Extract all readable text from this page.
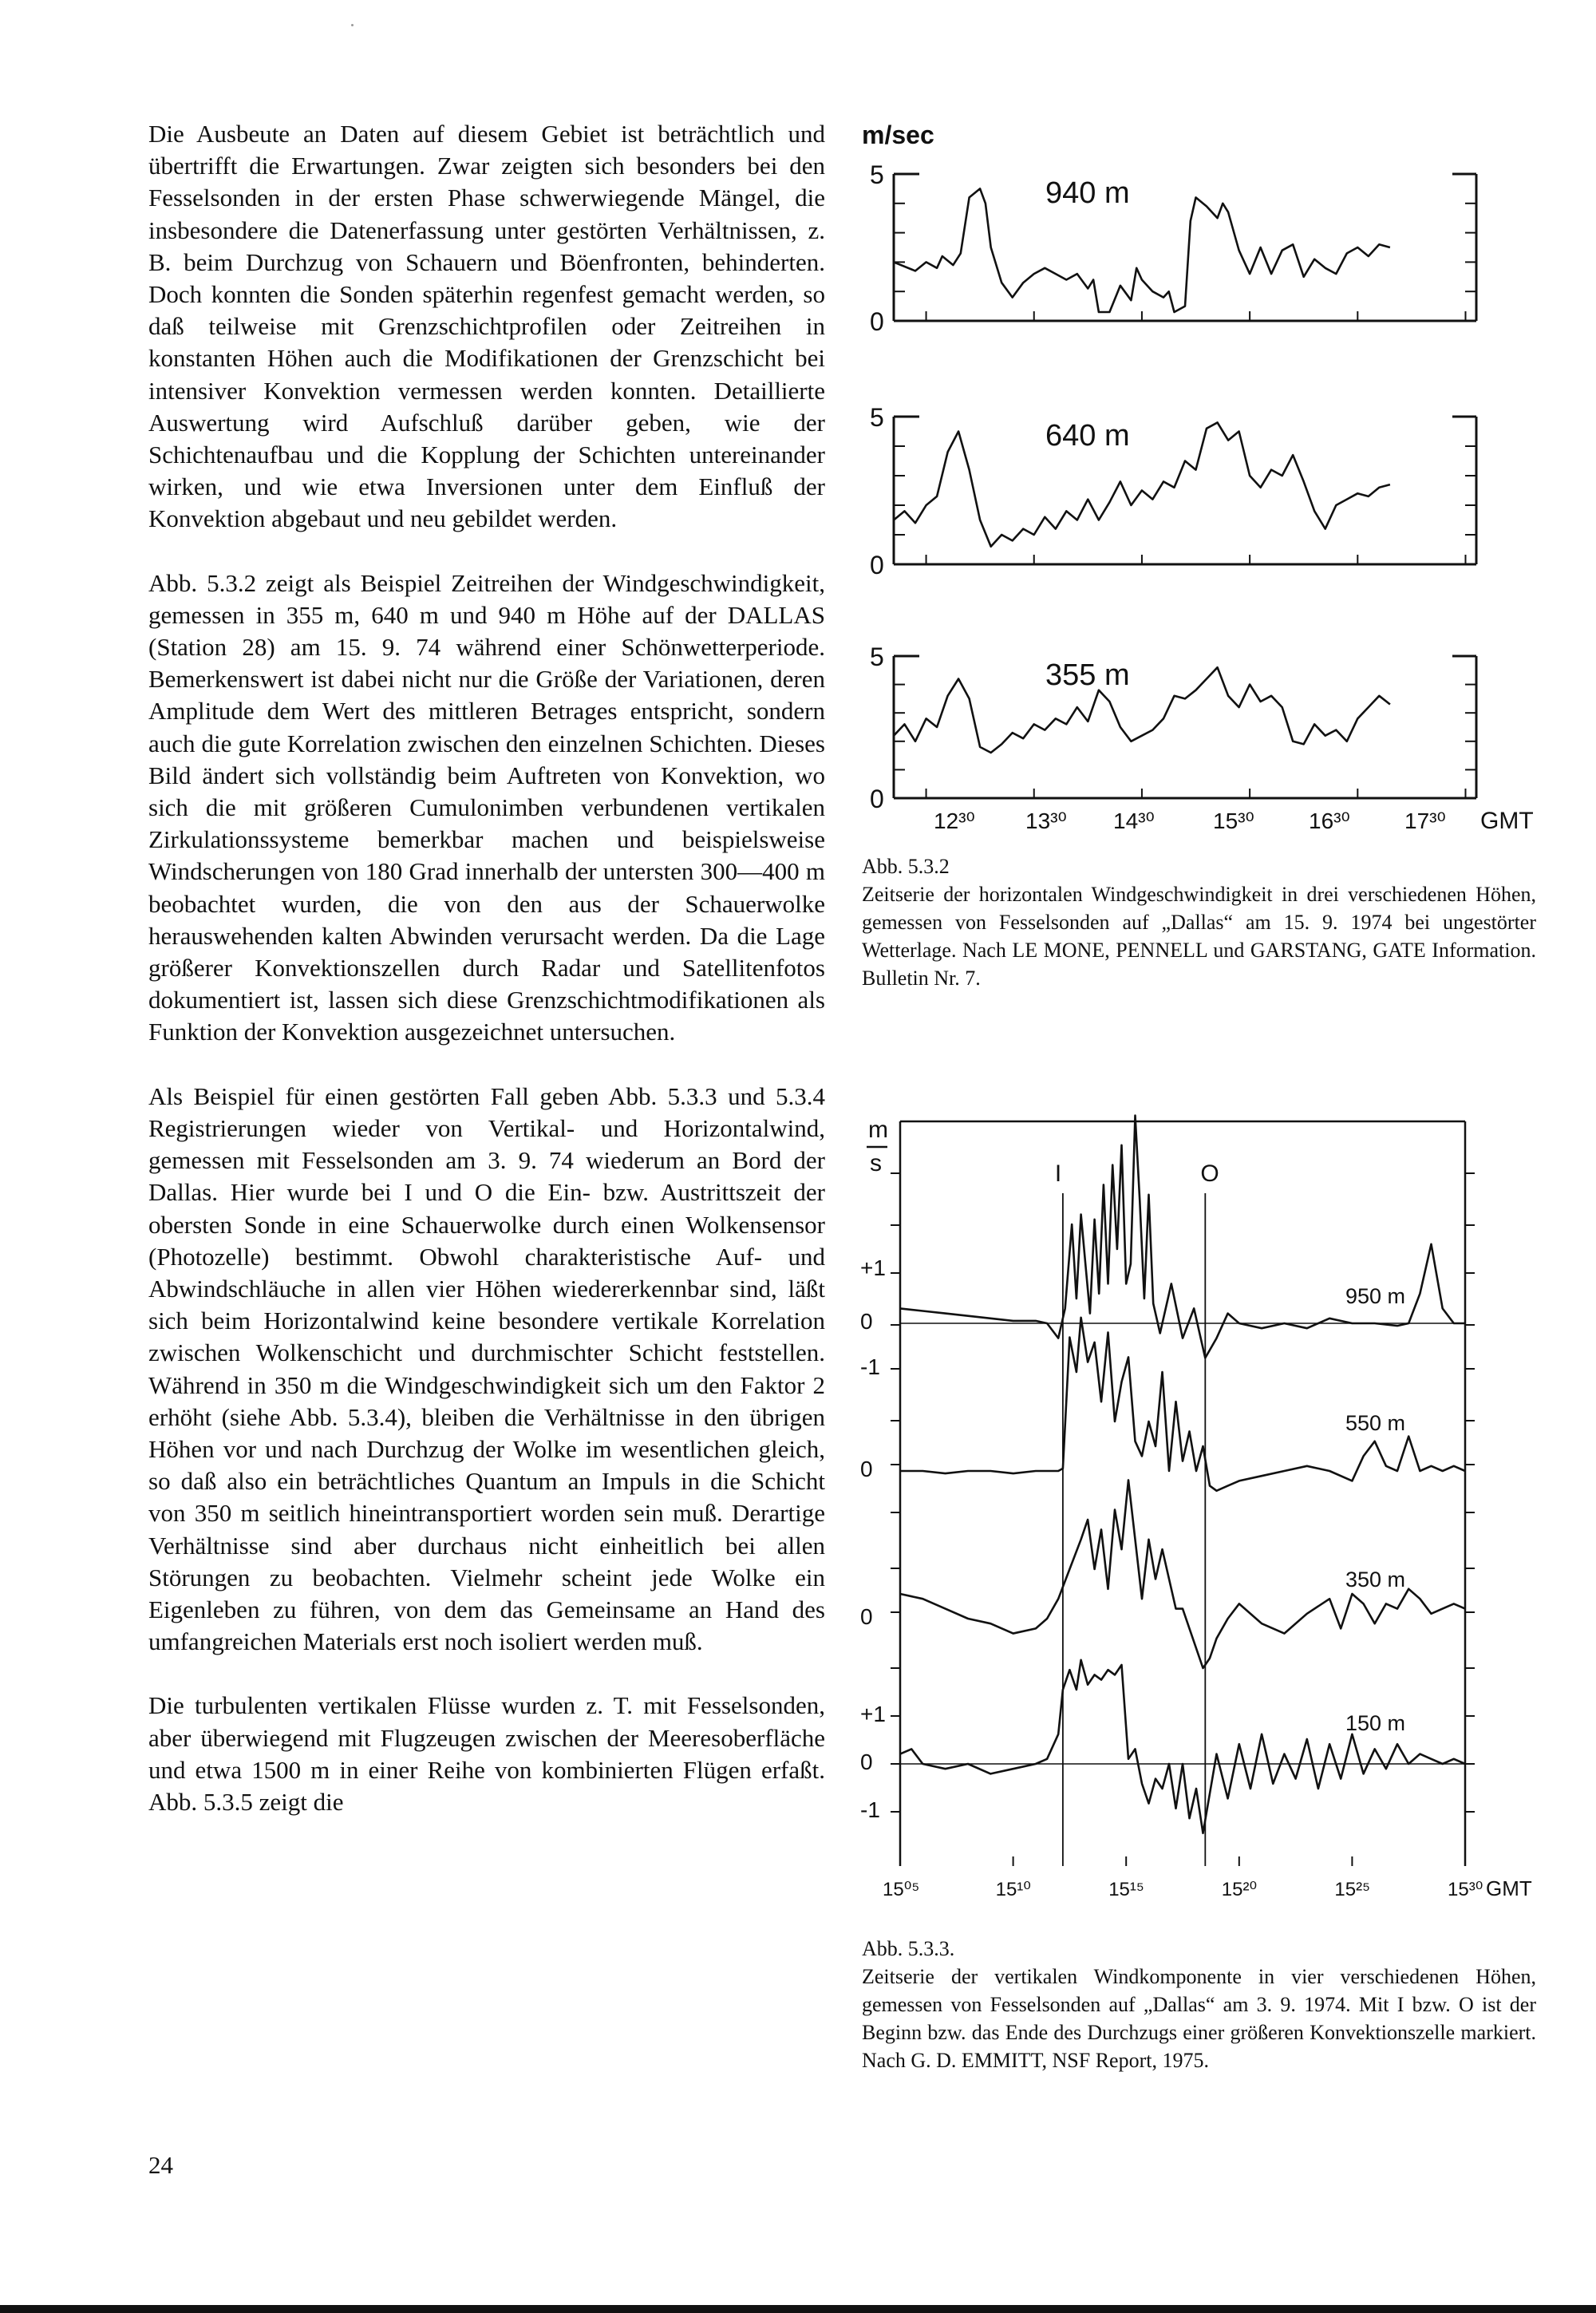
Die Ausbeute an Daten auf diesem Gebiet ist beträchtlich und übertrifft die Erwartungen. Zwar zeigten sich besonders bei den Fesselsonden in der ersten Phase schwerwiegende Mängel, die insbesondere die Datenerfassung unter gestörten Verhältnissen, z. B. beim Durchzug von Schauern und Böenfronten, behinderten. Doch konnten die Sonden späterhin regenfest gemacht werden, so daß teilweise mit Grenzschichtprofilen oder Zeitreihen in konstanten Höhen auch die Modifikationen der Grenzschicht bei intensiver Konvektion vermessen werden konnten. Detaillierte Auswertung wird Aufschluß darüber geben, wie der Schichtenaufbau und die Kopplung der Schichten untereinander wirken, und wie etwa Inversionen unter dem Einfluß der Konvektion abgebaut und neu gebildet werden.

Abb. 5.3.2 zeigt als Beispiel Zeitreihen der Windgeschwindigkeit, gemessen in 355 m, 640 m und 940 m Höhe auf der DALLAS (Station 28) am 15. 9. 74 während einer Schönwetterperiode. Bemerkenswert ist dabei nicht nur die Größe der Variationen, deren Amplitude dem Wert des mittleren Betrages entspricht, sondern auch die gute Korrelation zwischen den einzelnen Schichten. Dieses Bild ändert sich vollständig beim Auftreten von Konvektion, wo sich die mit größeren Cumulonimben verbundenen vertikalen Zirkulationssysteme bemerkbar machen und beispielsweise Windscherungen von 180 Grad innerhalb der untersten 300—400 m beobachtet wurden, die von den aus der Schauerwolke herauswehenden kalten Abwinden verursacht werden. Da die Lage größerer Konvektionszellen durch Radar und Satellitenfotos dokumentiert ist, lassen sich diese Grenzschichtmodifikationen als Funktion der Konvektion ausgezeichnet untersuchen.

Als Beispiel für einen gestörten Fall geben Abb. 5.3.3 und 5.3.4 Registrierungen wieder von Vertikal- und Horizontalwind, gemessen mit Fesselsonden am 3. 9. 74 wiederum an Bord der Dallas. Hier wurde bei I und O die Ein- bzw. Austrittszeit der obersten Sonde in eine Schauerwolke durch einen Wolkensensor (Photozelle) bestimmt. Obwohl charakteristische Auf- und Abwindschläuche in allen vier Höhen wiedererkennbar sind, läßt sich beim Horizontalwind keine besondere vertikale Korrelation zwischen Wolkenschicht und durchmischter Schicht feststellen. Während in 350 m die Windgeschwindigkeit sich um den Faktor 2 erhöht (siehe Abb. 5.3.4), bleiben die Verhältnisse in den übrigen Höhen vor und nach Durchzug der Wolke im wesentlichen gleich, so daß also ein beträchtliches Quantum an Impuls in die Schicht von 350 m seitlich hineintransportiert worden sein muß. Derartige Verhältnisse sind aber durchaus nicht einheitlich bei allen Störungen zu beobachten. Vielmehr scheint jede Wolke ein Eigenleben zu führen, von dem das Gemeinsame an Hand des umfangreichen Materials erst noch isoliert werden muß.

Die turbulenten vertikalen Flüsse wurden z. T. mit Fesselsonden, aber überwiegend mit Flugzeugen zwischen der Meeresoberfläche und etwa 1500 m in einer Reihe von kombinierten Flügen erfaßt. Abb. 5.3.5 zeigt die

m/sec
5
0
940 m
5
0
640 m
5
0
355 m
12³⁰ 13³⁰ 14³⁰	15³⁰ 16³⁰ 17³⁰ GMT
m
s	I	O
+1
0
-1
950 m
0
550 m
0
350 m
+1
0
-1
150 m
15⁰⁵	15¹⁰	15¹⁵	15²⁰	15²⁵	15³⁰ GMT

Abb. 5.3.2
Zeitserie der horizontalen Windgeschwindigkeit in drei verschiedenen Höhen, gemessen von Fesselsonden auf „Dallas“ am 15. 9. 1974 bei ungestörter Wetterlage. Nach LE MONE, PENNELL und GARSTANG, GATE Information. Bulletin Nr. 7.

Abb. 5.3.3.
Zeitserie der vertikalen Windkomponente in vier verschiedenen Höhen, gemessen von Fesselsonden auf „Dallas“ am 3. 9. 1974. Mit I bzw. O ist der Beginn bzw. das Ende des Durchzugs einer größeren Konvektionszelle markiert. Nach G. D. EMMITT, NSF Report, 1975.

24
